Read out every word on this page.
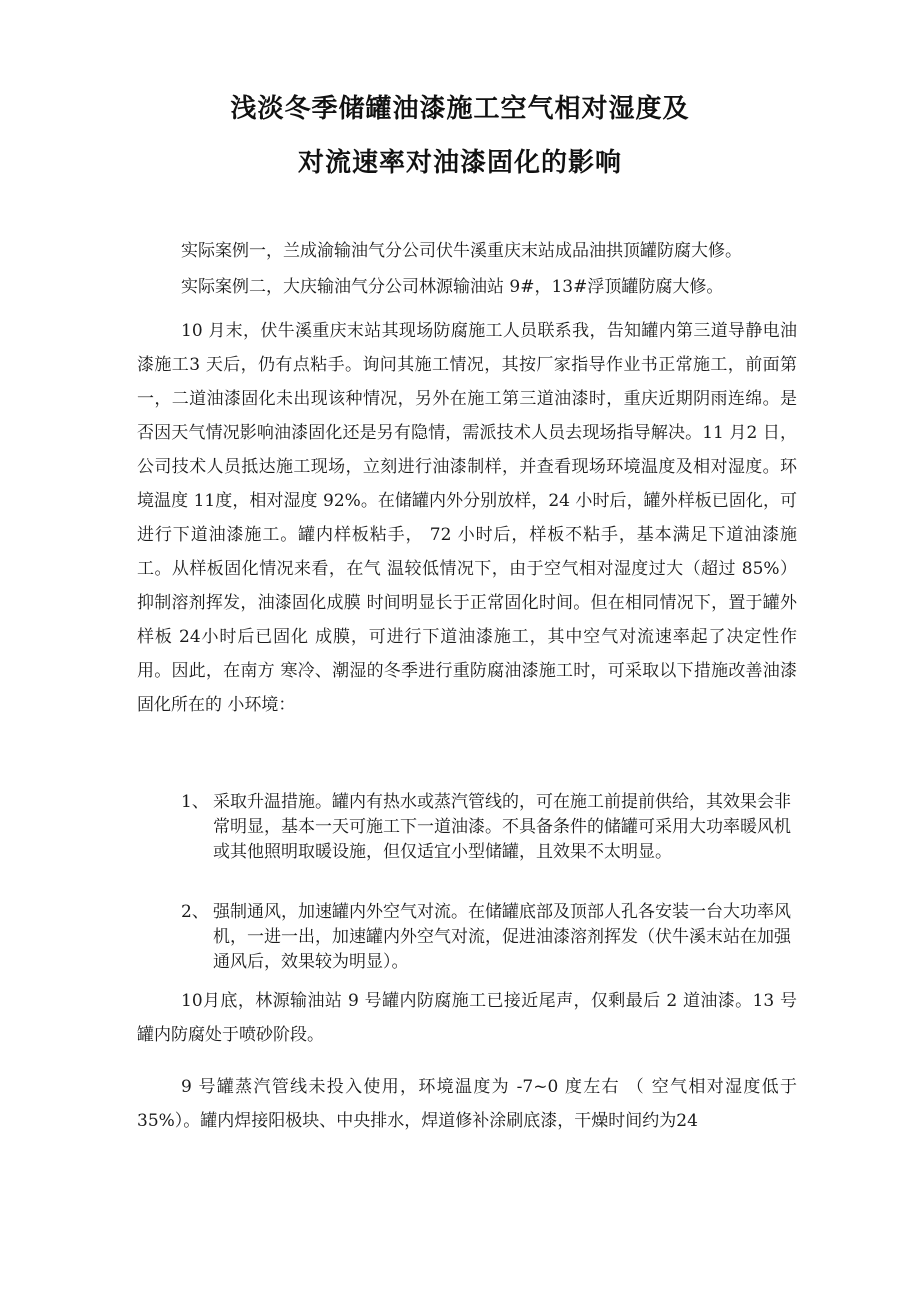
浅淡冬季储罐油漆施工空气相对湿度及
对流速率对油漆固化的影响
实际案例一，兰成渝输油气分公司伏牛溪重庆末站成品油拱顶罐防腐大修。
实际案例二，大庆输油气分公司林源输油站 9#，13#浮顶罐防腐大修。

10 月末，伏牛溪重庆末站其现场防腐施工人员联系我，告知罐内第三道导静电油漆施工3 天后，仍有点粘手。询问其施工情况，其按厂家指导作业书正常施工，前面第一，二道油漆固化未出现该种情况，另外在施工第三道油漆时，重庆近期阴雨连绵。是否因天气情况影响油漆固化还是另有隐情，需派技术人员去现场指导解决。11 月2 日，公司技术人员抵达施工现场，立刻进行油漆制样，并查看现场环境温度及相对湿度。环境温度 11度，相对湿度 92%。在储罐内外分别放样，24 小时后，罐外样板已固化，可进行下道油漆施工。罐内样板粘手， 72 小时后，样板不粘手，基本满足下道油漆施工。从样板固化情况来看，在气 温较低情况下，由于空气相对湿度过大（超过 85%）抑制溶剂挥发，油漆固化成膜 时间明显长于正常固化时间。但在相同情况下，置于罐外样板 24小时后已固化 成膜，可进行下道油漆施工，其中空气对流速率起了决定性作用。因此，在南方 寒冷、潮湿的冬季进行重防腐油漆施工时，可采取以下措施改善油漆固化所在的 小环境：

1、 采取升温措施。罐内有热水或蒸汽管线的，可在施工前提前供给，其效果会非常明显，基本一天可施工下一道油漆。不具备条件的储罐可采用大功率暖风机或其他照明取暖设施，但仅适宜小型储罐，且效果不太明显。
2、 强制通风，加速罐内外空气对流。在储罐底部及顶部人孔各安装一台大功率风机，一进一出，加速罐内外空气对流，促进油漆溶剂挥发（伏牛溪末站在加强通风后，效果较为明显）。

10月底，林源输油站 9 号罐内防腐施工已接近尾声，仅剩最后 2 道油漆。13 号罐内防腐处于喷砂阶段。

9 号罐蒸汽管线未投入使用，环境温度为 -7~0 度左右 （ 空气相对湿度低于 35%）。罐内焊接阳极块、中央排水，焊道修补涂刷底漆，干燥时间约为24
